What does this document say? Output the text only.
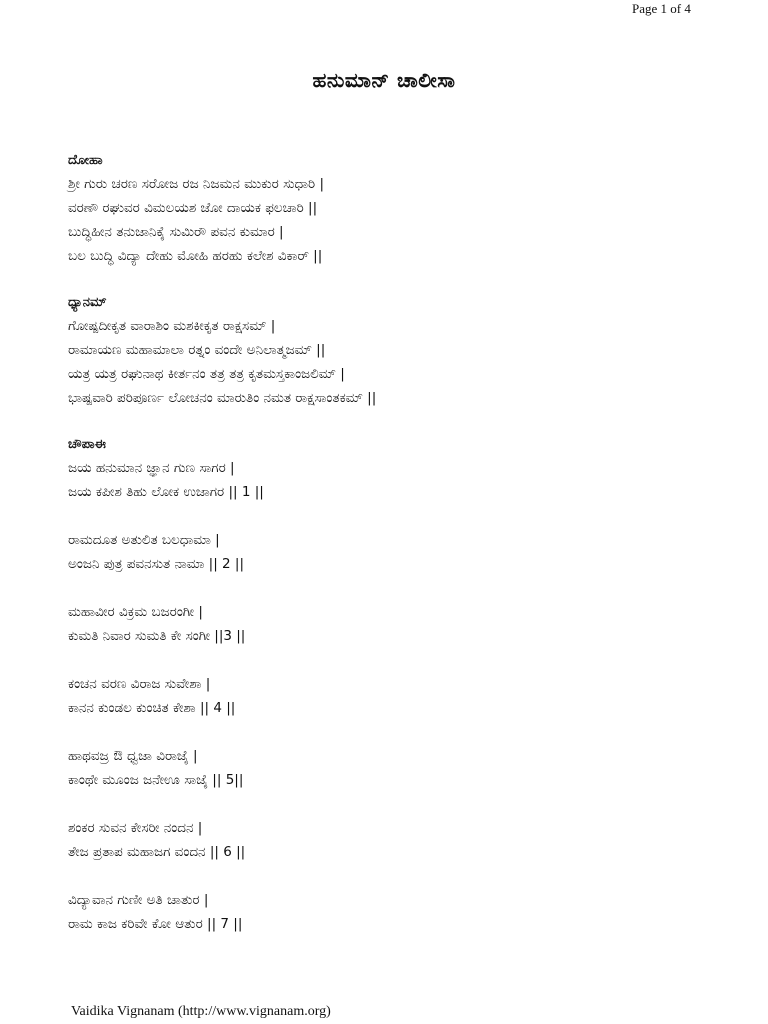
Page 1 of 4
ಹನುಮಾನ್ ಚಾಲೀಸಾ
ದೋಹಾ
ಶ್ರೀ ಗುರು ಚರಣ ಸರೋಜ ರಜ ನಿಜಮನ ಮುಕುರ ಸುಧಾರಿ |
ವರಣೌ ರಘುವರ ವಿಮಲಯಶ ಜೋ ದಾಯಕ ಫಲಚಾರಿ ||
ಬುದ್ಧಿಹೀನ ತನುಜಾನಿಕೈ ಸುಮಿರೌ ಪವನ ಕುಮಾರ |
ಬಲ ಬುದ್ಧಿ ವಿದ್ಯಾ ದೇಹು ಮೋಹಿ ಹರಹು ಕಲೇಶ ವಿಕಾರ್ ||
ಧ್ಯಾನಮ್
ಗೋಷ್ಪದೀಕೃತ ವಾರಾಶಿಂ ಮಶಕೀಕೃತ ರಾಕ್ಷಸಮ್ |
ರಾಮಾಯಣ ಮಹಾಮಾಲಾ ರತ್ನಂ ವಂದೇ ಅನಿಲಾತ್ಮಜಮ್ ||
ಯತ್ರ ಯತ್ರ ರಘುನಾಥ ಕೀರ್ತನಂ ತತ್ರ ತತ್ರ ಕೃತಮಸ್ತಕಾಂಜಲಿಮ್ |
ಭಾಷ್ಪವಾರಿ ಪರಿಪೂರ್ಣ ಲೋಚನಂ ಮಾರುತಿಂ ನಮತ ರಾಕ್ಷಸಾಂತಕಮ್ ||
ಚೌಪಾಈ
ಜಯ ಹನುಮಾನ ಜ್ಞಾನ ಗುಣ ಸಾಗರ |
ಜಯ ಕಪೀಶ ತಿಹು ಲೋಕ ಉಜಾಗರ || 1 ||
ರಾಮದೂತ ಅತುಲಿತ ಬಲಧಾಮಾ |
ಅಂಜನಿ ಪುತ್ರ ಪವನಸುತ ನಾಮಾ || 2 ||
ಮಹಾವೀರ ವಿಕ್ರಮ ಬಜರಂಗೀ |
ಕುಮತಿ ನಿವಾರ ಸುಮತಿ ಕೇ ಸಂಗೀ ||3 ||
ಕಂಚನ ವರಣ ವಿರಾಜ ಸುವೇಶಾ |
ಕಾನನ ಕುಂಡಲ ಕುಂಚಿತ ಕೇಶಾ || 4 ||
ಹಾಥವಜ್ರ ಔ ಧ್ವಜಾ ವಿರಾಜೈ |
ಕಾಂಥೇ ಮೂಂಜ ಜನೇಊ ಸಾಜೈ || 5||
ಶಂಕರ ಸುವನ ಕೇಸರೀ ನಂದನ |
ತೇಜ ಪ್ರತಾಪ ಮಹಾಜಗ ವಂದನ || 6 ||
ವಿದ್ಯಾವಾನ ಗುಣೀ ಅತಿ ಚಾತುರ |
ರಾಮ ಕಾಜ ಕರಿವೇ ಕೋ ಆತುರ || 7 ||
Vaidika Vignanam (http://www.vignanam.org)
